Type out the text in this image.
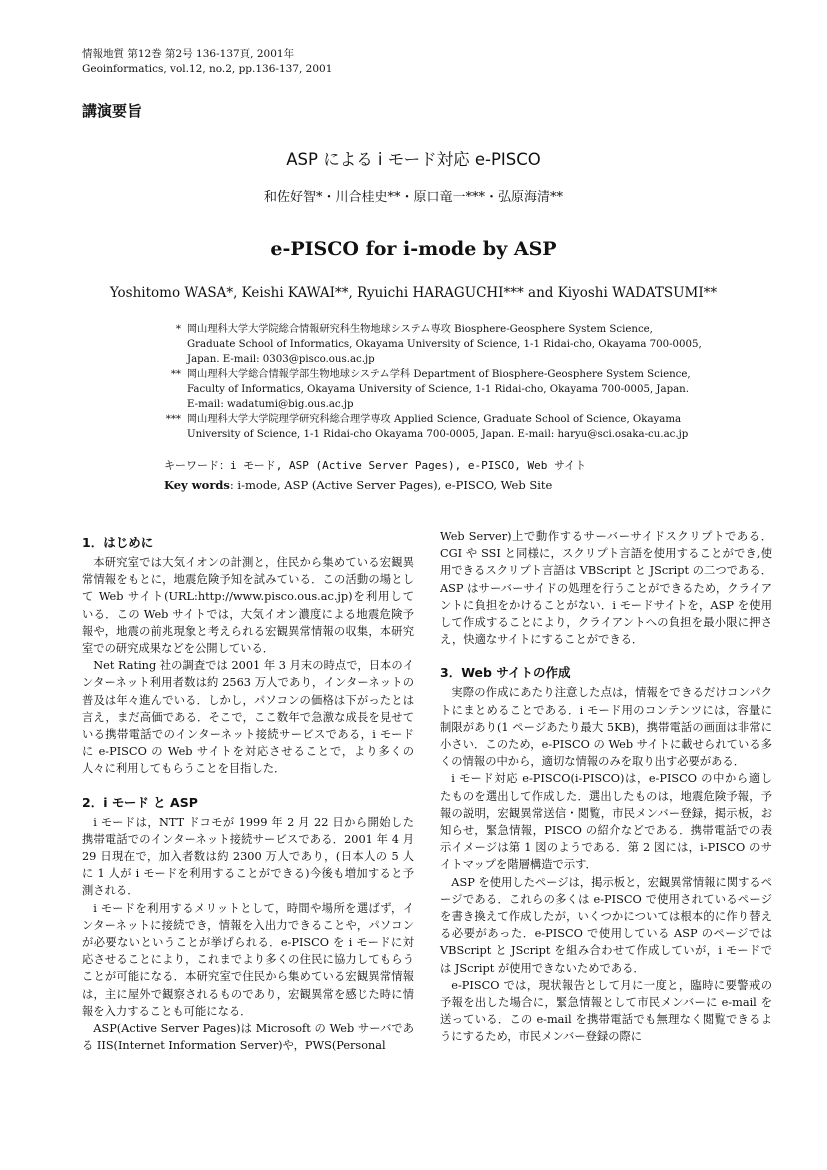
情報地質 第12巻 第2号 136-137頁, 2001年
Geoinformatics, vol.12, no.2, pp.136-137, 2001
講演要旨
ASP による i モード対応 e-PISCO
和佐好智*・川合桂史**・原口竜一***・弘原海清**
e-PISCO for i-mode by ASP
Yoshitomo WASA*, Keishi KAWAI**, Ryuichi HARAGUCHI*** and Kiyoshi WADATSUMI**
* 岡山理科大学大学院総合情報研究科生物地球システム専攻 Biosphere-Geosphere System Science, Graduate School of Informatics, Okayama University of Science, 1-1 Ridai-cho, Okayama 700-0005, Japan. E-mail: 0303@pisco.ous.ac.jp
** 岡山理科大学総合情報学部生物地球システム学科 Department of Biosphere-Geosphere System Science, Faculty of Informatics, Okayama University of Science, 1-1 Ridai-cho, Okayama 700-0005, Japan. E-mail: wadatumi@big.ous.ac.jp
*** 岡山理科大学大学院理学研究科総合理学専攻 Applied Science, Graduate School of Science, Okayama University of Science, 1-1 Ridai-cho Okayama 700-0005, Japan. E-mail: haryu@sci.osaka-cu.ac.jp
キーワード：i モード, ASP (Active Server Pages), e-PISCO, Web サイト
Key words: i-mode, ASP (Active Server Pages), e-PISCO, Web Site
1．はじめに

本研究室では大気イオンの計測と，住民から集めている宏観異常情報をもとに，地震危険予知を試みている．この活動の場として Web サイト(URL:http://www.pisco.ous.ac.jp)を利用している．この Web サイトでは，大気イオン濃度による地震危険予報や，地震の前兆現象と考えられる宏観異常情報の収集，本研究室での研究成果などを公開している．

Net Rating 社の調査では 2001 年 3 月末の時点で，日本のインターネット利用者数は約 2563 万人であり，インターネットの普及は年々進んでいる．しかし，パソコンの価格は下がったとは言え，まだ高価である．そこで，ここ数年で急激な成長を見せている携帯電話でのインターネット接続サービスである，i モードに e-PISCO の Web サイトを対応させることで，より多くの人々に利用してもらうことを目指した．

2．i モード と ASP

i モードは，NTT ドコモが 1999 年 2 月 22 日から開始した携帯電話でのインターネット接続サービスである．2001 年 4 月 29 日現在で，加入者数は約 2300 万人であり，(日本人の 5 人に 1 人が i モードを利用することができる)今後も増加すると予測される．

i モードを利用するメリットとして，時間や場所を選ばず，インターネットに接続でき，情報を入出力できることや，パソコンが必要ないということが挙げられる．e-PISCO を i モードに対応させることにより，これまでより多くの住民に協力してもらうことが可能になる．本研究室で住民から集めている宏観異常情報は，主に屋外で観察されるものであり，宏観異常を感じた時に情報を入力することも可能になる．

ASP(Active Server Pages)は Microsoft の Web サーバである IIS(Internet Information Server)や，PWS(Personal

Web Server)上で動作するサーバーサイドスクリプトである．CGI や SSI と同様に，スクリプト言語を使用することができ,使用できるスクリプト言語は VBScript と JScript の二つである．ASP はサーバーサイドの処理を行うことができるため，クライアントに負担をかけることがない．i モードサイトを，ASP を使用して作成することにより，クライアントへの負担を最小限に押さえ，快適なサイトにすることができる．

3．Web サイトの作成

実際の作成にあたり注意した点は，情報をできるだけコンパクトにまとめることである．i モード用のコンテンツには，容量に制限があり(1 ページあたり最大 5KB)，携帯電話の画面は非常に小さい．このため，e-PISCO の Web サイトに載せられている多くの情報の中から，適切な情報のみを取り出す必要がある．

i モード対応 e-PISCO(i-PISCO)は，e-PISCO の中から適したものを選出して作成した．選出したものは，地震危険予報，予報の説明，宏観異常送信・閲覧，市民メンバー登録，掲示板，お知らせ，緊急情報，PISCO の紹介などである．携帯電話での表示イメージは第 1 図のようである．第 2 図には，i-PISCO のサイトマップを階層構造で示す．

ASP を使用したページは，掲示板と，宏観異常情報に関するページである．これらの多くは e-PISCO で使用されているページを書き換えて作成したが，いくつかについては根本的に作り替える必要があった．e-PISCO で使用している ASP のページでは VBScript と JScript を組み合わせて作成していが，i モードでは JScript が使用できないためである．

e-PISCO では，現状報告として月に一度と，臨時に要警戒の予報を出した場合に，緊急情報として市民メンバーに e-mail を送っている．この e-mail を携帯電話でも無理なく閲覧できるようにするため，市民メンバー登録の際に
